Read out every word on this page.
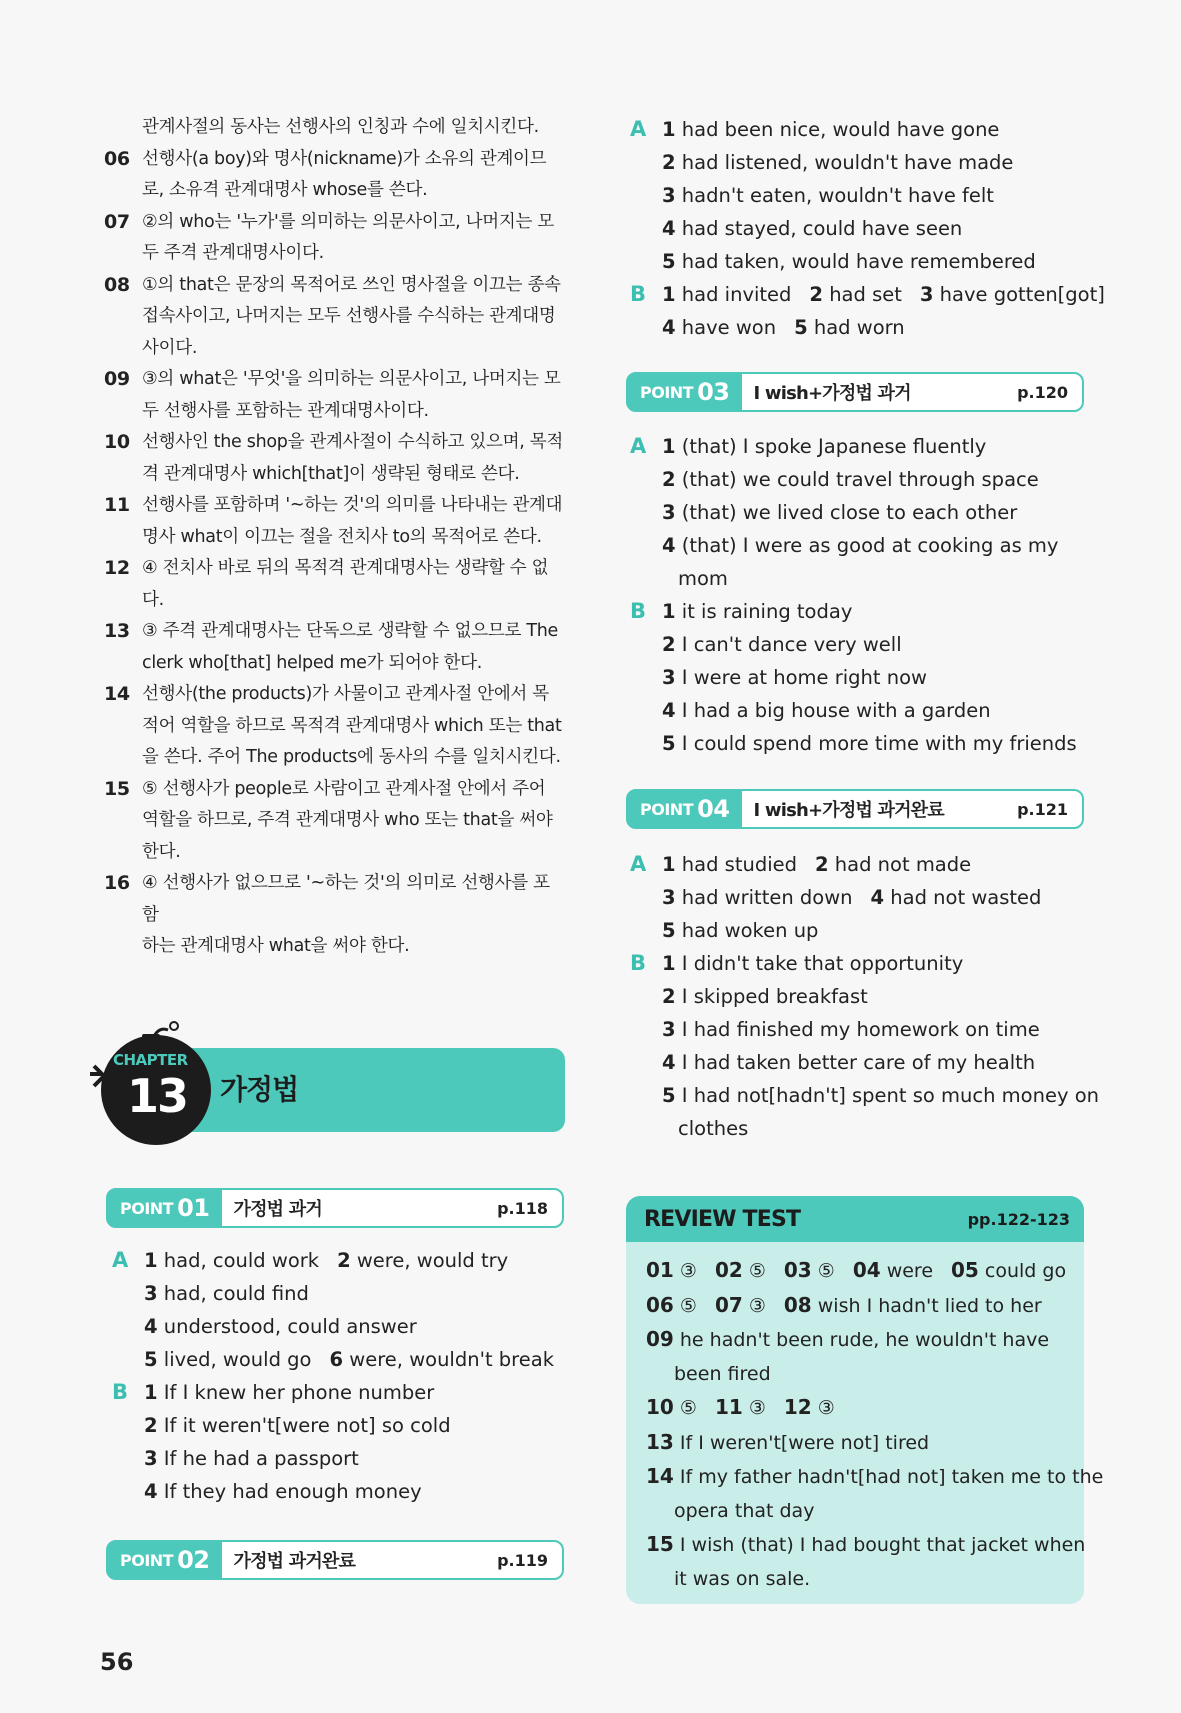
관계사절의 동사는 선행사의 인칭과 수에 일치시킨다.
06 선행사(a boy)와 명사(nickname)가 소유의 관계이므
로, 소유격 관계대명사 whose를 쓴다.
07 ②의 who는 '누가'를 의미하는 의문사이고, 나머지는 모
두 주격 관계대명사이다.
08 ①의 that은 문장의 목적어로 쓰인 명사절을 이끄는 종속
접속사이고, 나머지는 모두 선행사를 수식하는 관계대명
사이다.
09 ③의 what은 '무엇'을 의미하는 의문사이고, 나머지는 모
두 선행사를 포함하는 관계대명사이다.
10 선행사인 the shop을 관계사절이 수식하고 있으며, 목적
격 관계대명사 which[that]이 생략된 형태로 쓴다.
11 선행사를 포함하며 '~하는 것'의 의미를 나타내는 관계대
명사 what이 이끄는 절을 전치사 to의 목적어로 쓴다.
12 ④ 전치사 바로 뒤의 목적격 관계대명사는 생략할 수 없다.
13 ③ 주격 관계대명사는 단독으로 생략할 수 없으므로 The
clerk who[that] helped me가 되어야 한다.
14 선행사(the products)가 사물이고 관계사절 안에서 목
적어 역할을 하므로 목적격 관계대명사 which 또는 that
을 쓴다. 주어 The products에 동사의 수를 일치시킨다.
15 ⑤ 선행사가 people로 사람이고 관계사절 안에서 주어
역할을 하므로, 주격 관계대명사 who 또는 that을 써야
한다.
16 ④ 선행사가 없으므로 '~하는 것'의 의미로 선행사를 포함
하는 관계대명사 what을 써야 한다.
가정법
CHAPTER
13
POINT 01 가정법 과거	p.118
A 1 had, could work 2 were, would try
3 had, could find
4 understood, could answer
5 lived, would go 6 were, wouldn't break
B 1 If I knew her phone number
2 If it weren't[were not] so cold
3 If he had a passport
4 If they had enough money
POINT 02 가정법 과거완료	p.119
A 1 had been nice, would have gone
2 had listened, wouldn't have made
3 hadn't eaten, wouldn't have felt
4 had stayed, could have seen
5 had taken, would have remembered
B 1 had invited 2 had set 3 have gotten[got]
4 have won 5 had worn
POINT 03 I wish+가정법 과거	p.120
A 1 (that) I spoke Japanese fluently
2 (that) we could travel through space
3 (that) we lived close to each other
4 (that) I were as good at cooking as my
mom
B 1 it is raining today
2 I can't dance very well
3 I were at home right now
4 I had a big house with a garden
5 I could spend more time with my friends
POINT 04 I wish+가정법 과거완료	p.121
A 1 had studied 2 had not made
3 had written down 4 had not wasted
5 had woken up
B 1 I didn't take that opportunity
2 I skipped breakfast
3 I had finished my homework on time
4 I had taken better care of my health
5 I had not[hadn't] spent so much money on
clothes
REVIEW TEST	pp.122-123
01 ③ 02 ⑤ 03 ⑤ 04 were 05 could go
06 ⑤ 07 ③ 08 wish I hadn't lied to her
09 he hadn't been rude, he wouldn't have
been fired
10 ⑤ 11 ③ 12 ③
13 If I weren't[were not] tired
14 If my father hadn't[had not] taken me to the
opera that day
15 I wish (that) I had bought that jacket when
it was on sale.
56
